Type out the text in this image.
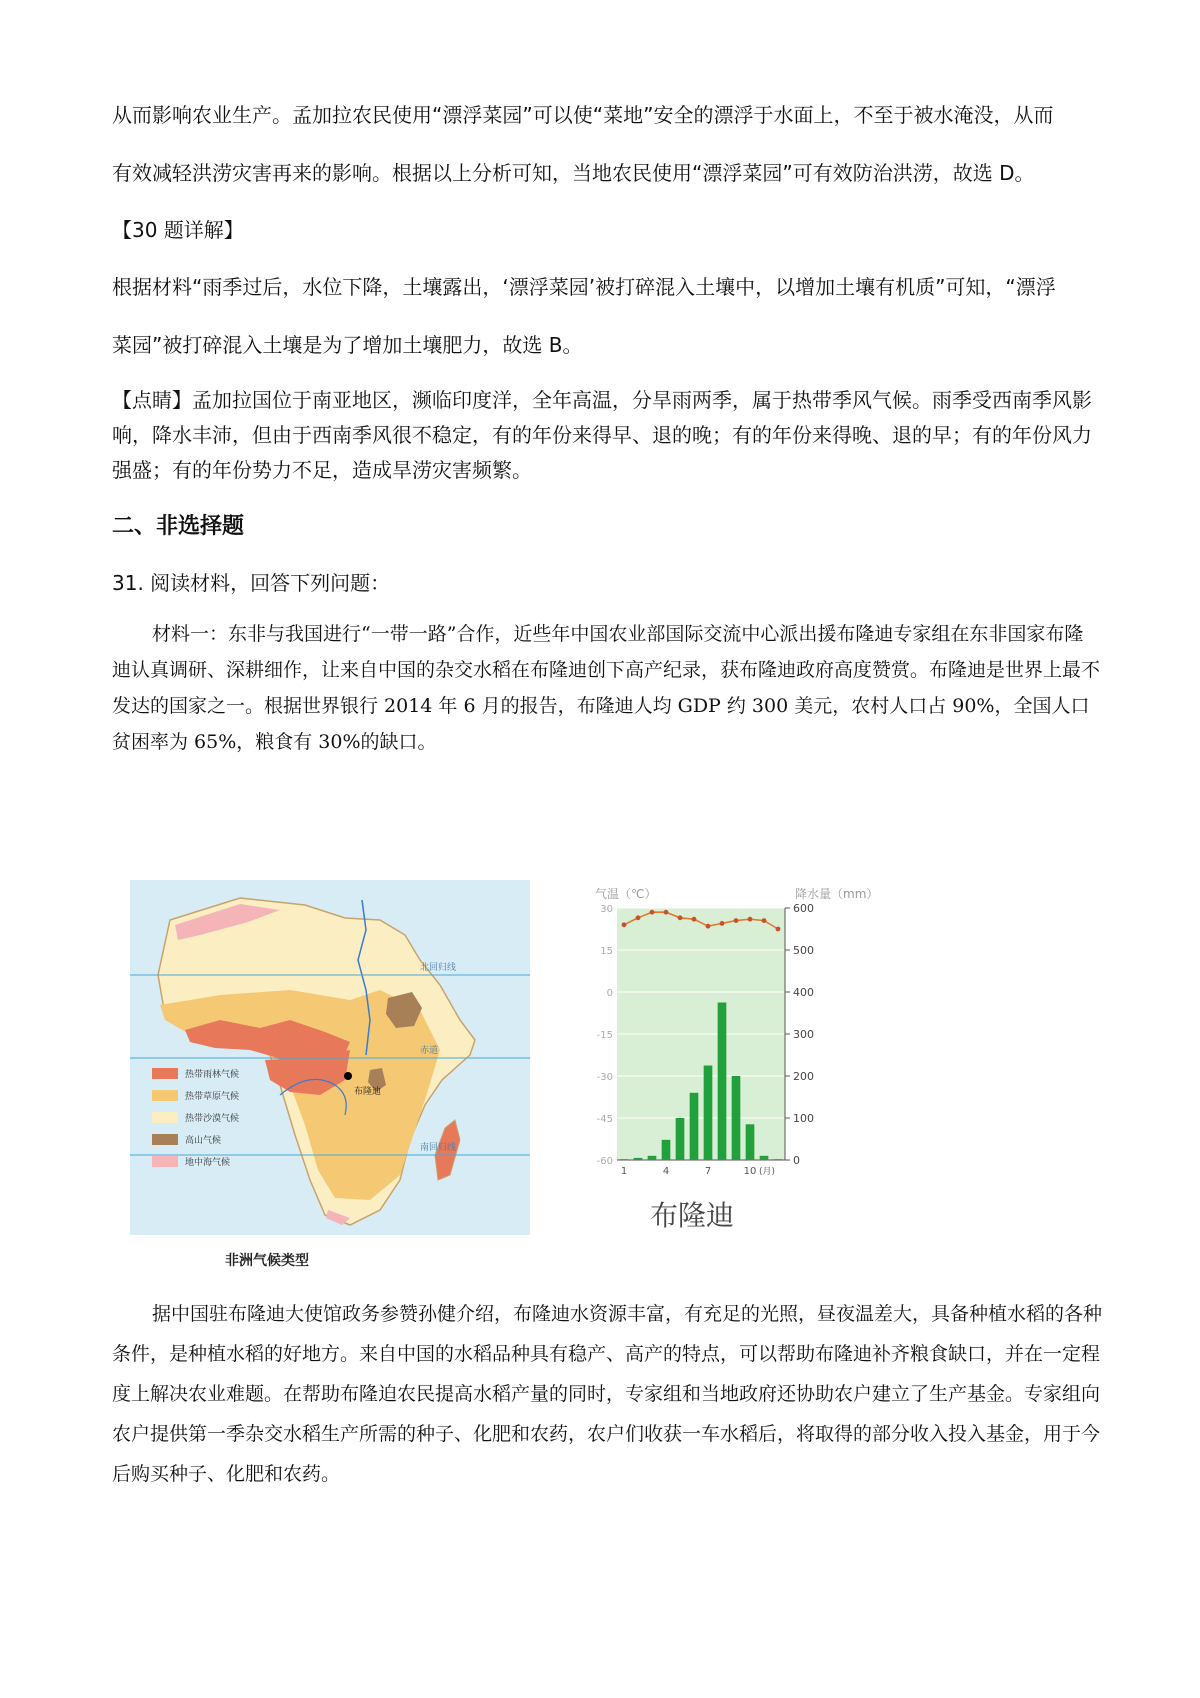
从而影响农业生产。孟加拉农民使用“漂浮菜园”可以使“菜地”安全的漂浮于水面上，不至于被水淹没，从而

有效减轻洪涝灾害再来的影响。根据以上分析可知，当地农民使用“漂浮菜园”可有效防治洪涝，故选 D。

【30 题详解】

根据材料“雨季过后，水位下降，土壤露出，‘漂浮菜园’被打碎混入土壤中，以增加土壤有机质”可知，“漂浮

菜园”被打碎混入土壤是为了增加土壤肥力，故选 B。

【点睛】孟加拉国位于南亚地区，濒临印度洋，全年高温，分旱雨两季，属于热带季风气候。雨季受西南季风影响，降水丰沛，但由于西南季风很不稳定，有的年份来得早、退的晚；有的年份来得晚、退的早；有的年份风力强盛；有的年份势力不足，造成旱涝灾害频繁。

二、非选择题

31. 阅读材料，回答下列问题：

材料一：东非与我国进行“一带一路”合作，近些年中国农业部国际交流中心派出援布隆迪专家组在东非国家布隆迪认真调研、深耕细作，让来自中国的杂交水稻在布隆迪创下高产纪录，获布隆迪政府高度赞赏。布隆迪是世界上最不发达的国家之一。根据世界银行 2014 年 6 月的报告，布隆迪人均 GDP 约 300 美元，农村人口占 90%，全国人口贫困率为 65%，粮食有 30%的缺口。

北回归线
赤道
南回归线
布隆迪
热带雨林气候
热带草原气候
热带沙漠气候
高山气候
地中海气候
非洲气候类型
气温（℃）	降水量（mm）
600
500
400
300
200
100
0
30
15
0
-15
-30
-45
-60
1	4	7	10 (月)
布隆迪

据中国驻布隆迪大使馆政务参赞孙健介绍，布隆迪水资源丰富，有充足的光照，昼夜温差大，具备种植水稻的各种条件，是种植水稻的好地方。来自中国的水稻品种具有稳产、高产的特点，可以帮助布隆迪补齐粮食缺口，并在一定程度上解决农业难题。在帮助布隆迫农民提高水稻产量的同时，专家组和当地政府还协助农户建立了生产基金。专家组向农户提供第一季杂交水稻生产所需的种子、化肥和农药，农户们收获一车水稻后，将取得的部分收入投入基金，用于今后购买种子、化肥和农药。
